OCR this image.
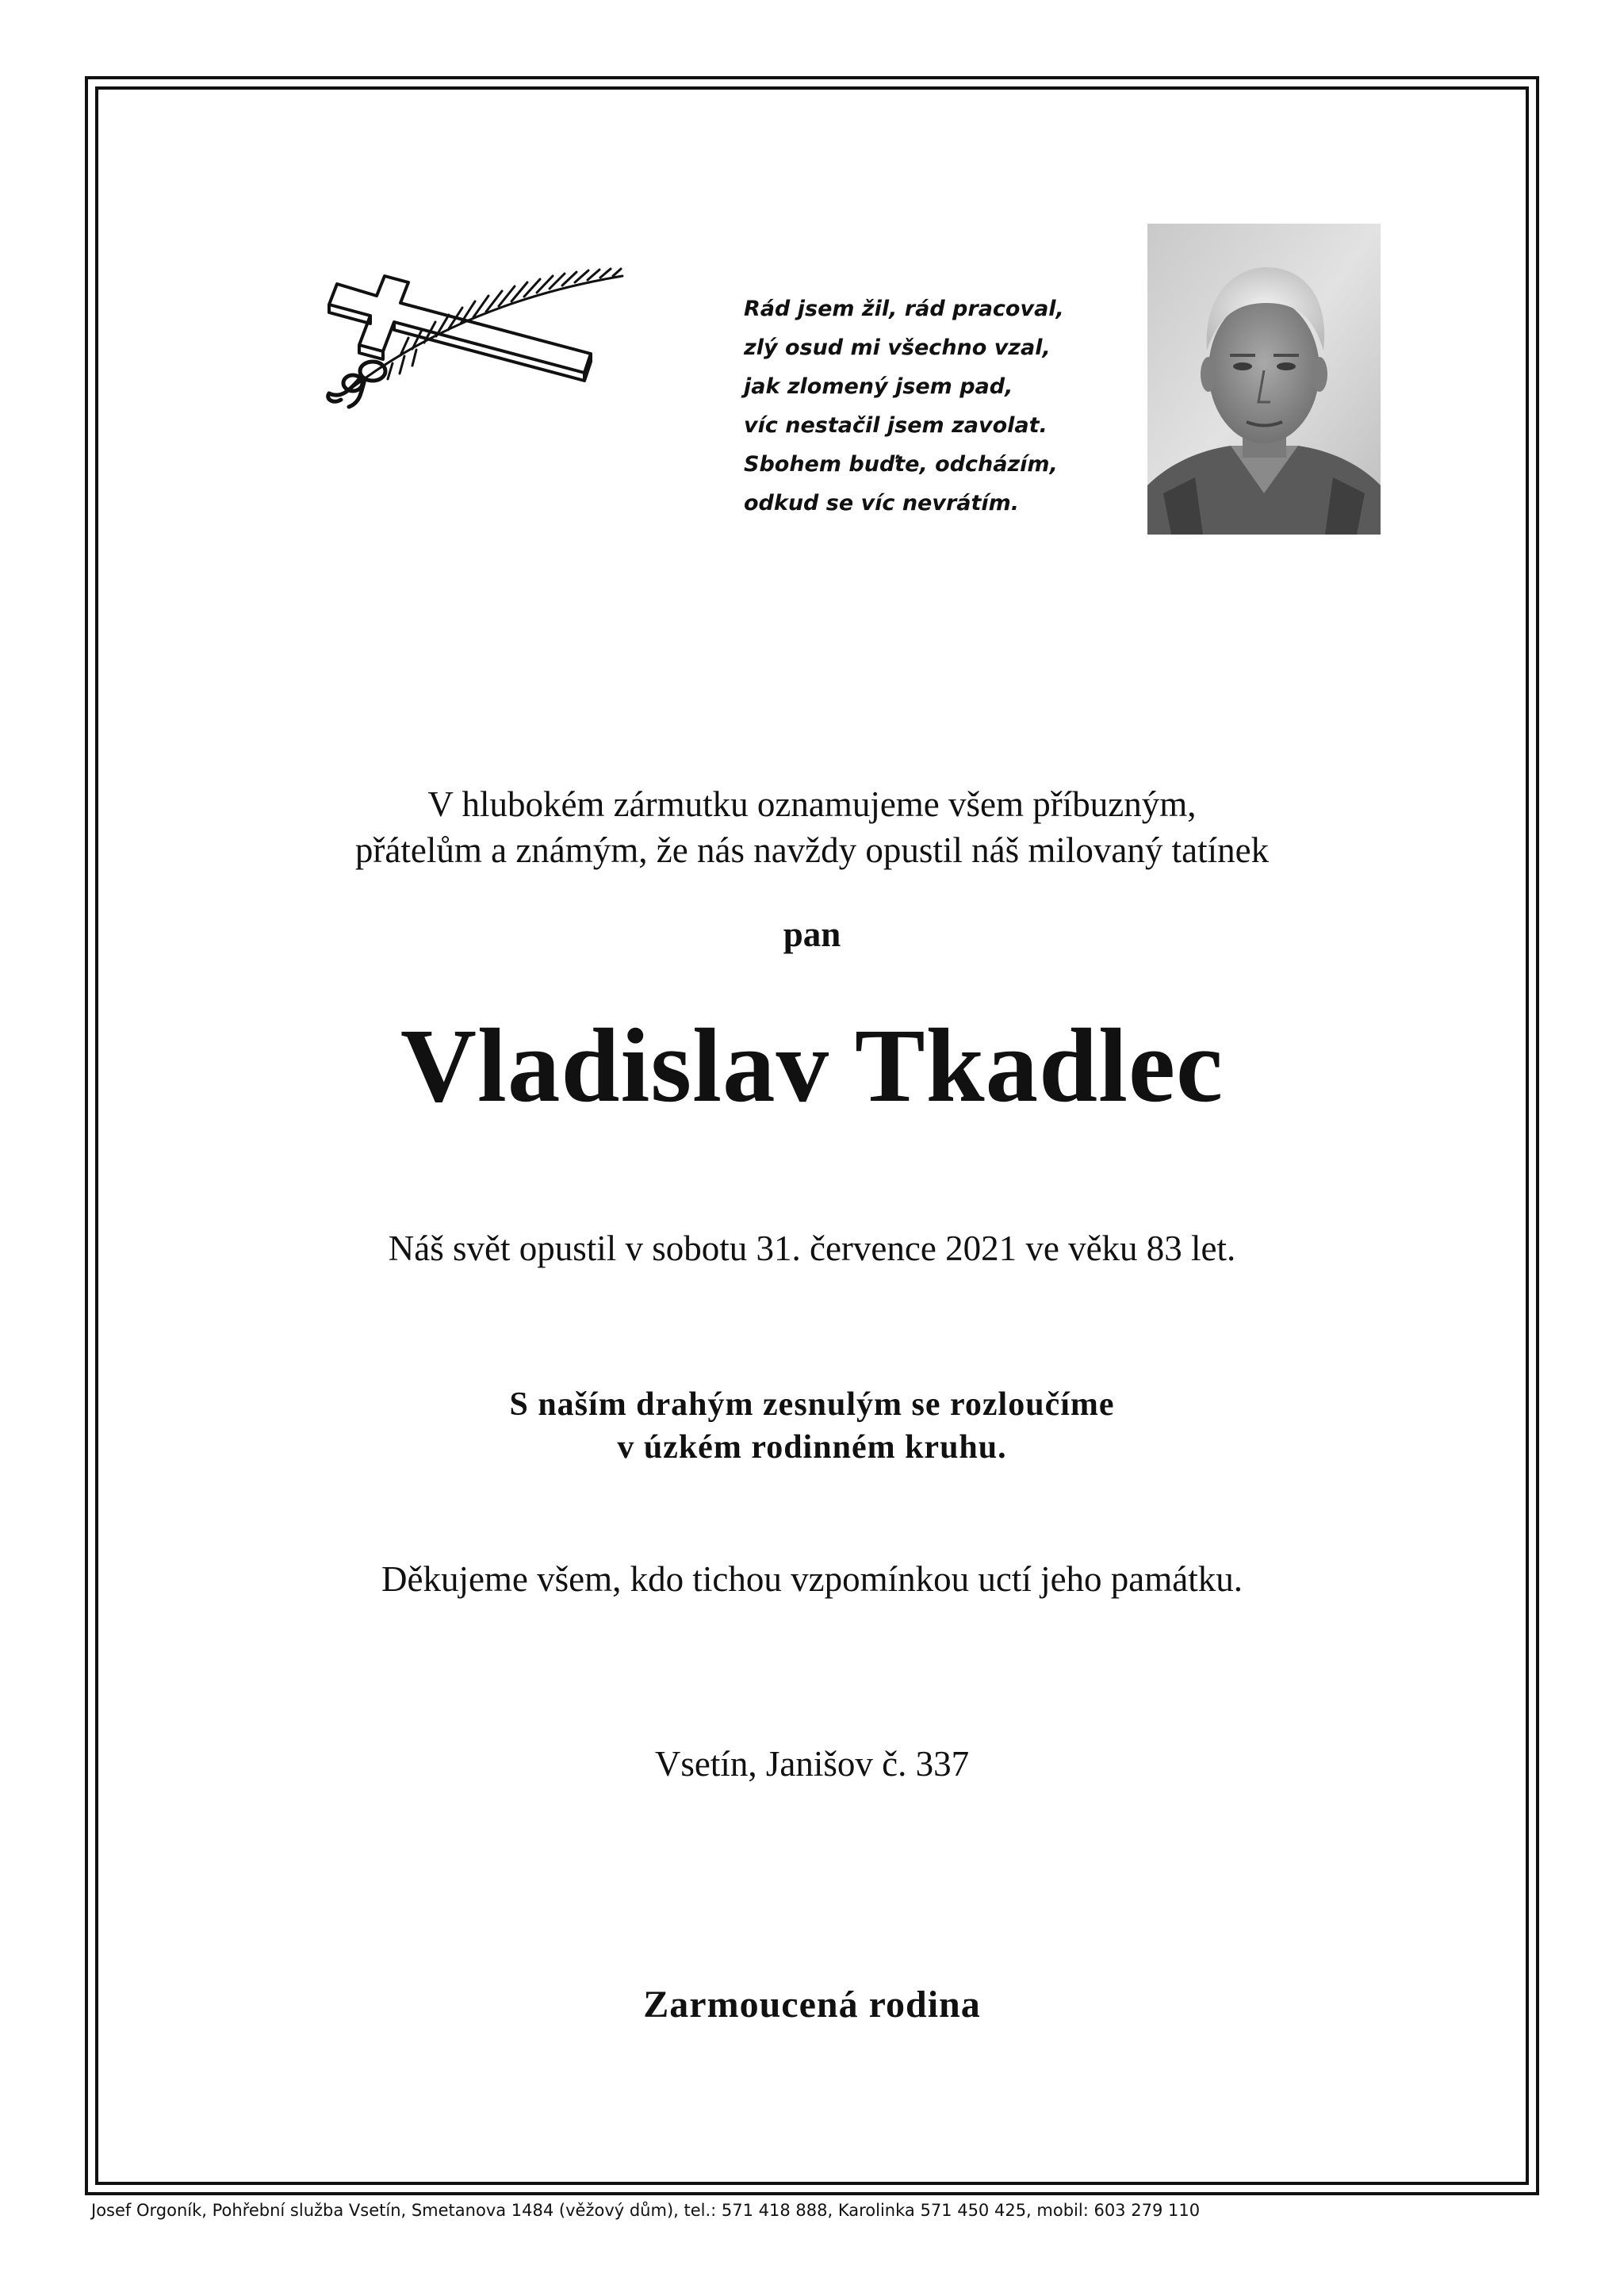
Rád jsem žil, rád pracoval,
zlý osud mi všechno vzal,
jak zlomený jsem pad,
víc nestačil jsem zavolat.
Sbohem buďte, odcházím,
odkud se víc nevrátím.
V hlubokém zármutku oznamujeme všem příbuzným,
přátelům a známým, že nás navždy opustil náš milovaný tatínek
pan
Vladislav Tkadlec
Náš svět opustil v sobotu 31. července 2021 ve věku 83 let.
S naším drahým zesnulým se rozloučíme
v úzkém rodinném kruhu.
Děkujeme všem, kdo tichou vzpomínkou uctí jeho památku.
Vsetín, Janišov č. 337
Zarmoucená rodina
Josef Orgoník, Pohřební služba Vsetín, Smetanova 1484 (věžový dům), tel.: 571 418 888, Karolinka 571 450 425, mobil: 603 279 110
